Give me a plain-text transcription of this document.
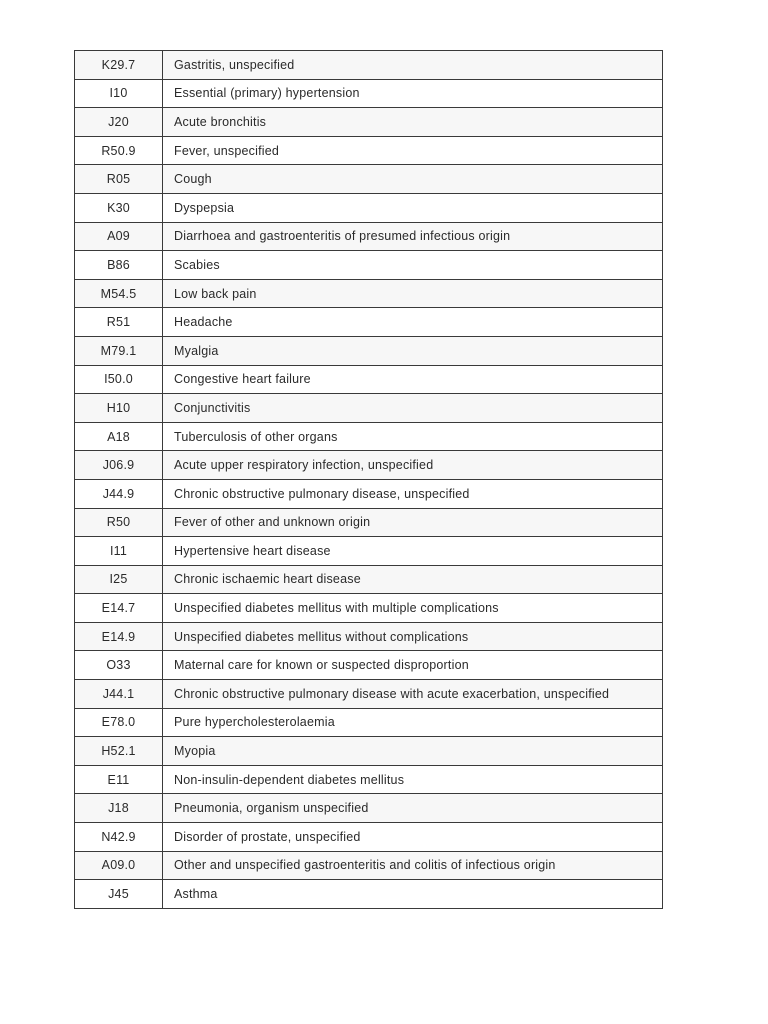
K29.7	Gastritis, unspecified
I10	Essential (primary) hypertension
J20	Acute bronchitis
R50.9	Fever, unspecified
R05	Cough
K30	Dyspepsia
A09	Diarrhoea and gastroenteritis of presumed infectious origin
B86	Scabies
M54.5	Low back pain
R51	Headache
M79.1	Myalgia
I50.0	Congestive heart failure
H10	Conjunctivitis
A18	Tuberculosis of other organs
J06.9	Acute upper respiratory infection, unspecified
J44.9	Chronic obstructive pulmonary disease, unspecified
R50	Fever of other and unknown origin
I11	Hypertensive heart disease
I25	Chronic ischaemic heart disease
E14.7	Unspecified diabetes mellitus with multiple complications
E14.9	Unspecified diabetes mellitus without complications
O33	Maternal care for known or suspected disproportion
J44.1	Chronic obstructive pulmonary disease with acute exacerbation, unspecified
E78.0	Pure hypercholesterolaemia
H52.1	Myopia
E11	Non-insulin-dependent diabetes mellitus
J18	Pneumonia, organism unspecified
N42.9	Disorder of prostate, unspecified
A09.0	Other and unspecified gastroenteritis and colitis of infectious origin
J45	Asthma
